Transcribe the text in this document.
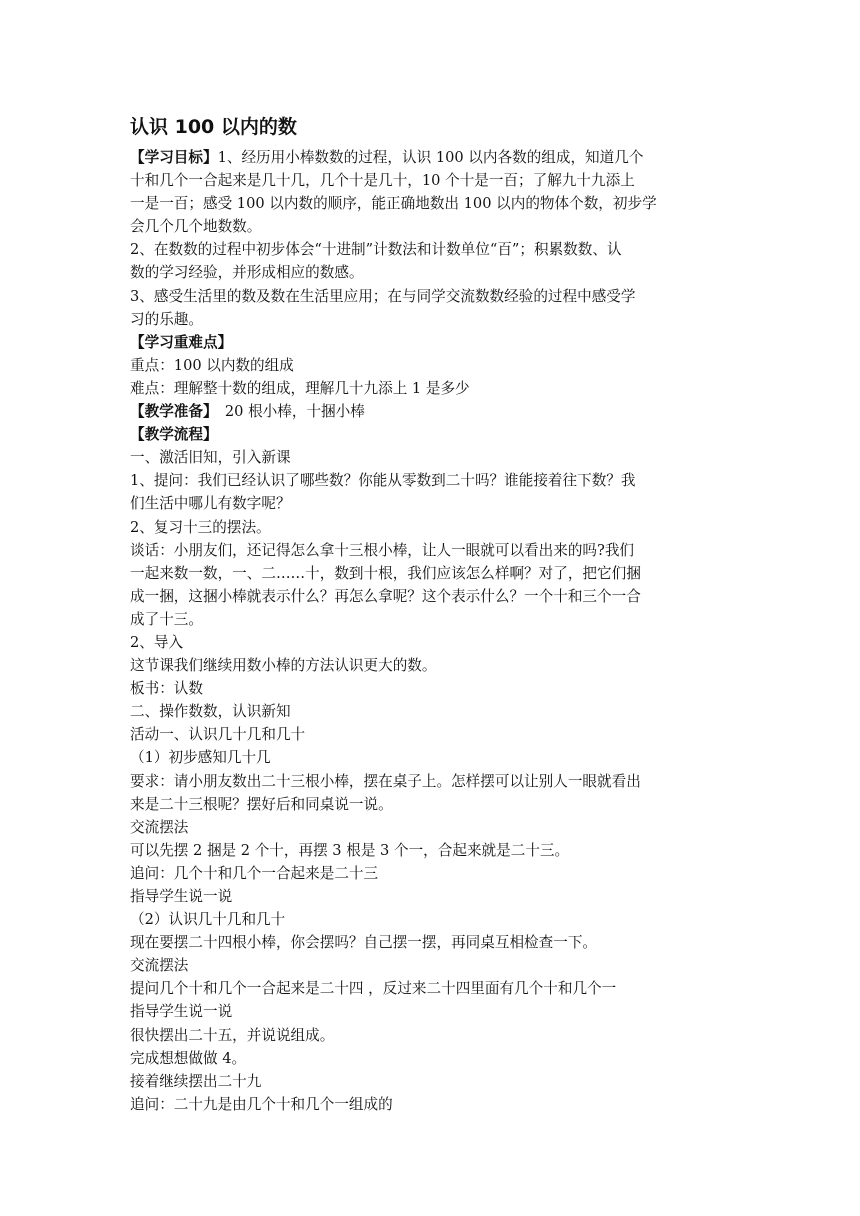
认识 100 以内的数
【学习目标】1、经历用小棒数数的过程，认识 100 以内各数的组成，知道几个
十和几个一合起来是几十几，几个十是几十，10 个十是一百；了解九十九添上
一是一百；感受 100 以内数的顺序，能正确地数出 100 以内的物体个数，初步学
会几个几个地数数。
2、在数数的过程中初步体会“十进制”计数法和计数单位“百”；积累数数、认
数的学习经验，并形成相应的数感。
3、感受生活里的数及数在生活里应用；在与同学交流数数经验的过程中感受学
习的乐趣。
【学习重难点】
重点：100 以内数的组成
难点：理解整十数的组成，理解几十九添上 1 是多少
【教学准备】　20 根小棒，十捆小棒
【教学流程】
一、激活旧知，引入新课
1、提问：我们已经认识了哪些数？你能从零数到二十吗？谁能接着往下数？我
们生活中哪儿有数字呢？
2、复习十三的摆法。
谈话：小朋友们，还记得怎么拿十三根小棒，让人一眼就可以看出来的吗?我们
一起来数一数，一、二……十，数到十根，我们应该怎么样啊？对了，把它们捆
成一捆，这捆小棒就表示什么？再怎么拿呢？这个表示什么？一个十和三个一合
成了十三。
2、导入
这节课我们继续用数小棒的方法认识更大的数。
板书：认数
二、操作数数，认识新知
活动一、认识几十几和几十
（1）初步感知几十几
要求：请小朋友数出二十三根小棒，摆在桌子上。怎样摆可以让别人一眼就看出
来是二十三根呢？摆好后和同桌说一说。
交流摆法
可以先摆 2 捆是 2 个十，再摆 3 根是 3 个一，合起来就是二十三。
追问：几个十和几个一合起来是二十三
指导学生说一说
（2）认识几十几和几十
现在要摆二十四根小棒，你会摆吗？自己摆一摆，再同桌互相检查一下。
交流摆法
提问几个十和几个一合起来是二十四 ，反过来二十四里面有几个十和几个一
指导学生说一说
很快摆出二十五，并说说组成。
完成想想做做 4。
接着继续摆出二十九
追问：二十九是由几个十和几个一组成的
